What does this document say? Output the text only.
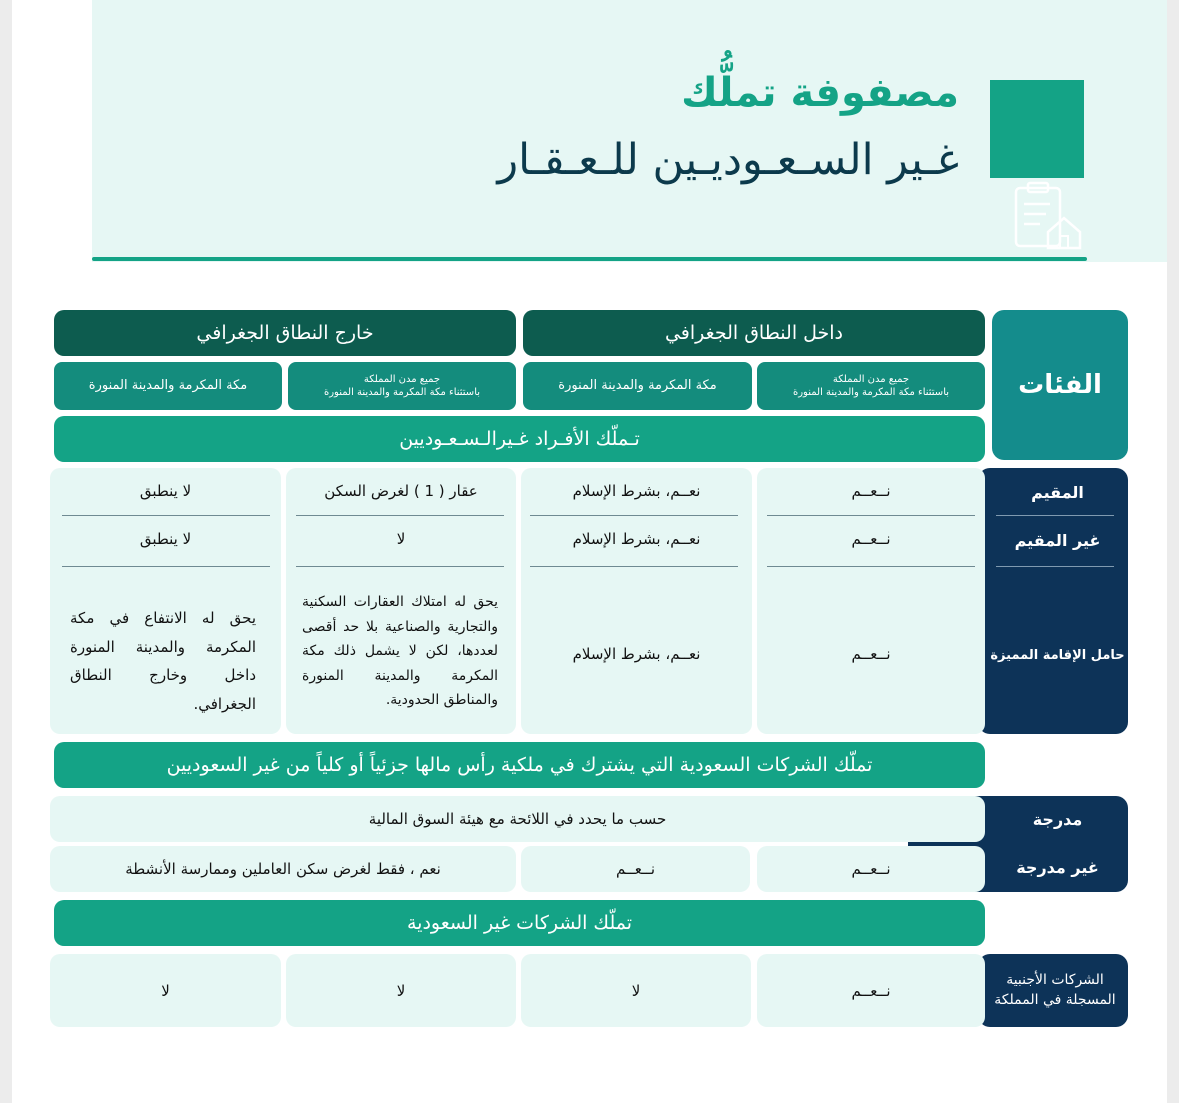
مصفوفة تملُّك
غـير السـعـوديـين للـعـقـار
الفئات
داخل النطاق الجغرافي
خارج النطاق الجغرافي
جميع مدن المملكة
باستثناء مكة المكرمة والمدينة المنورة
مكة المكرمة والمدينة المنورة
جميع مدن المملكة
باستثناء مكة المكرمة والمدينة المنورة
مكة المكرمة والمدينة المنورة
تـملّك الأفـراد غـيرالـسـعـوديين
المقيم
غير المقيم
حامل الإقامة المميزة
نــعــم
نعــم، بشرط الإسلام
عقار ( 1 ) لغرض السكن
لا ينطبق
نــعــم
نعــم، بشرط الإسلام
لا
لا ينطبق
نــعــم
نعــم، بشرط الإسلام
يحق له امتلاك العقارات السكنية والتجارية والصناعية بلا حد أقصى لعددها، لكن لا يشمل ذلك مكة المكرمة والمدينة المنورة والمناطق الحدودية.
يحق له الانتفاع في مكة المكرمة والمدينة المنورة داخل وخارج النطاق الجغرافي.
تملّك الشركات السعودية التي يشترك في ملكية رأس مالها جزئياً أو كلياً من غير السعوديين
مدرجة
غير مدرجة
حسب ما يحدد في اللائحة مع هيئة السوق المالية
نــعــم
نــعــم
نعم ، فقط لغرض سكن العاملين وممارسة الأنشطة
تملّك الشركات غير السعودية
الشركات الأجنبية
المسجلة في المملكة
نــعــم
لا
لا
لا
